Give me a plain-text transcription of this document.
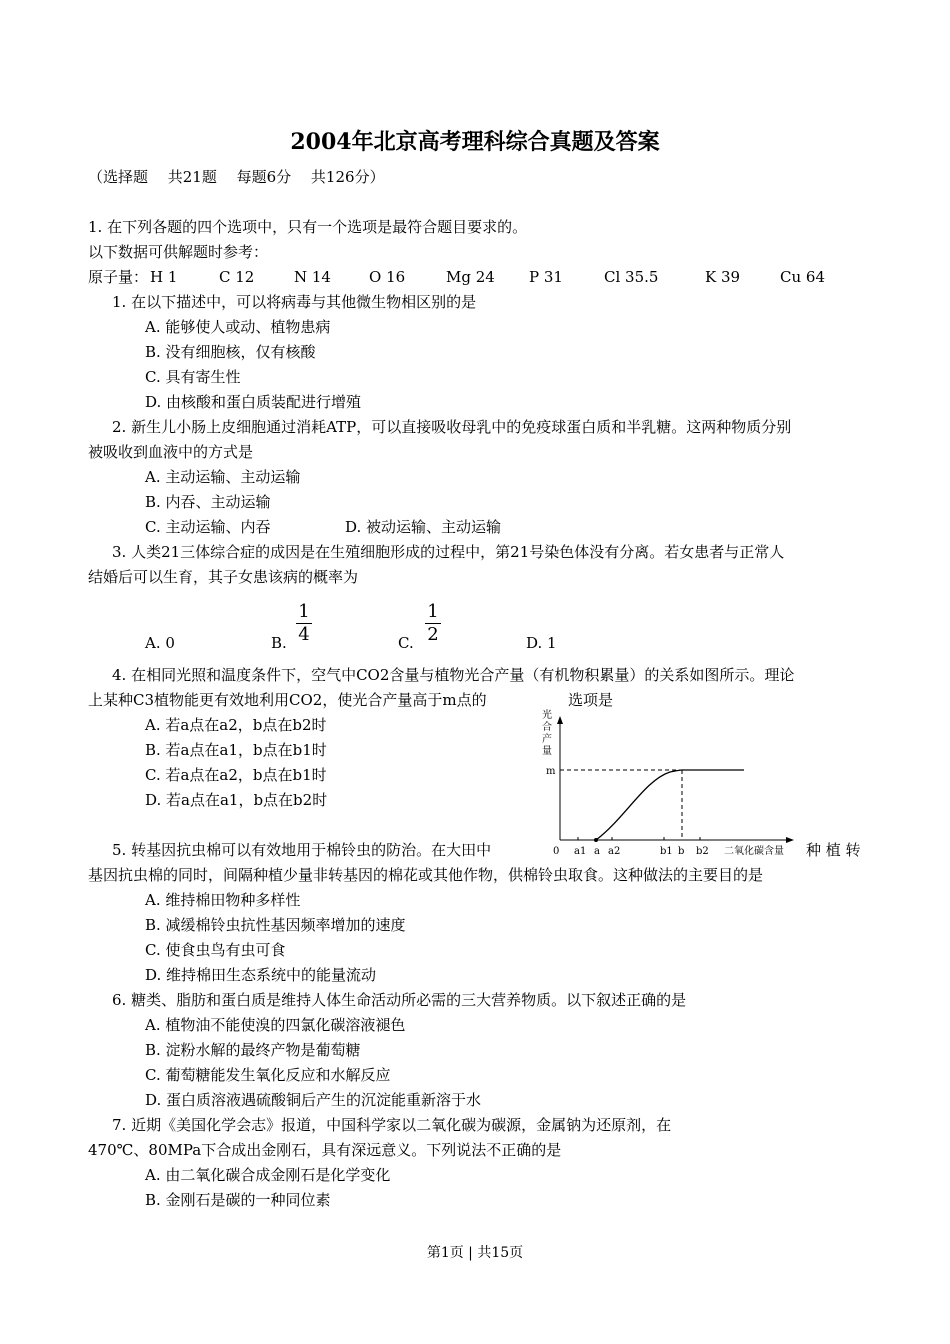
2004年北京高考理科综合真题及答案
（选择题　 共21题　 每题6分　 共126分）
1. 在下列各题的四个选项中，只有一个选项是最符合题目要求的。
以下数据可供解题时参考：
原子量： H 1	C 12	N 14	O 16	Mg 24 P 31	Cl 35.5	K 39	Cu 64
1. 在以下描述中，可以将病毒与其他微生物相区别的是
A. 能够使人或动、植物患病
B. 没有细胞核，仅有核酸
C. 具有寄生性
D. 由核酸和蛋白质装配进行增殖
2. 新生儿小肠上皮细胞通过消耗ATP，可以直接吸收母乳中的免疫球蛋白质和半乳糖。这两种物质分别
被吸收到血液中的方式是
A. 主动运输、主动运输
B. 内吞、主动运输
C. 主动运输、内吞	D. 被动运输、主动运输
3. 人类21三体综合症的成因是在生殖细胞形成的过程中，第21号染色体没有分离。若女患者与正常人
结婚后可以生育，其子女患该病的概率为
A. 0	B.
1
4	C.
1
2	D. 1
4. 在相同光照和温度条件下，空气中CO2含量与植物光合产量（有机物积累量）的关系如图所示。理论
上某种C3植物能更有效地利用CO2，使光合产量高于m点的	选项是
A. 若a点在a2，b点在b2时
B. 若a点在a1，b点在b1时
C. 若a点在a2，b点在b1时
D. 若a点在a1，b点在b2时
光
合
产
量
m
0 a1 a a2	b1 b b2 二氧化碳含量
5. 转基因抗虫棉可以有效地用于棉铃虫的防治。在大田中	种 植 转
基因抗虫棉的同时，间隔种植少量非转基因的棉花或其他作物，供棉铃虫取食。这种做法的主要目的是
A. 维持棉田物种多样性
B. 减缓棉铃虫抗性基因频率增加的速度
C. 使食虫鸟有虫可食
D. 维持棉田生态系统中的能量流动
6. 糖类、脂肪和蛋白质是维持人体生命活动所必需的三大营养物质。以下叙述正确的是
A. 植物油不能使溴的四氯化碳溶液褪色
B. 淀粉水解的最终产物是葡萄糖
C. 葡萄糖能发生氧化反应和水解反应
D. 蛋白质溶液遇硫酸铜后产生的沉淀能重新溶于水
7. 近期《美国化学会志》报道，中国科学家以二氧化碳为碳源，金属钠为还原剂，在
470℃、80MPa下合成出金刚石，具有深远意义。下列说法不正确的是
A. 由二氧化碳合成金刚石是化学变化
B. 金刚石是碳的一种同位素
第1页 | 共15页
